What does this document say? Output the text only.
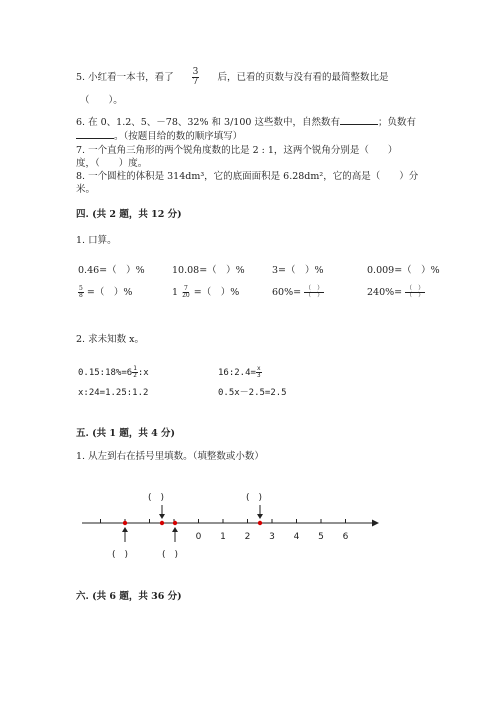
5. 小红看一本书，看了 $\frac{3}{7}$ 后，已看的页数与没有看的最简整数比是
（　　）。
6. 在 0、1.2、5、－78、32% 和 3/100 这些数中，自然数有	；负数有
。（按题目给的数的顺序填写）
7. 一个直角三角形的两个锐角度数的比是 2 : 1，这两个锐角分别是（　　）
度，（　　）度。
8. 一个圆柱的体积是 314dm³，它的底面面积是 6.28dm²，它的高是（　　）分
米。
四. (共 2 题，共 12 分)
1. 口算。
0.46=（　）%	10.08=（　）%	3=（　）%	0.009=（　）%
$\frac{5}{8}$ =（　）%	$1 \frac{7}{20}$ =（　）%	$60\%= \frac{( )}{( )}$	$240\%= \frac{( )}{( )}$
2. 求未知数 x。
0.15:18%=6 $\frac{1}{2}$ :x	16:2.4= $\frac{x}{3}$
x:24=1.25:1.2	0.5x－2.5=2.5
五. (共 1 题，共 4 分)
1. 从左到右在括号里填数。（填整数或小数）
0 1 2 3 4 5 6
(　)	(　)
(　)	(　)
六. (共 6 题，共 36 分)
